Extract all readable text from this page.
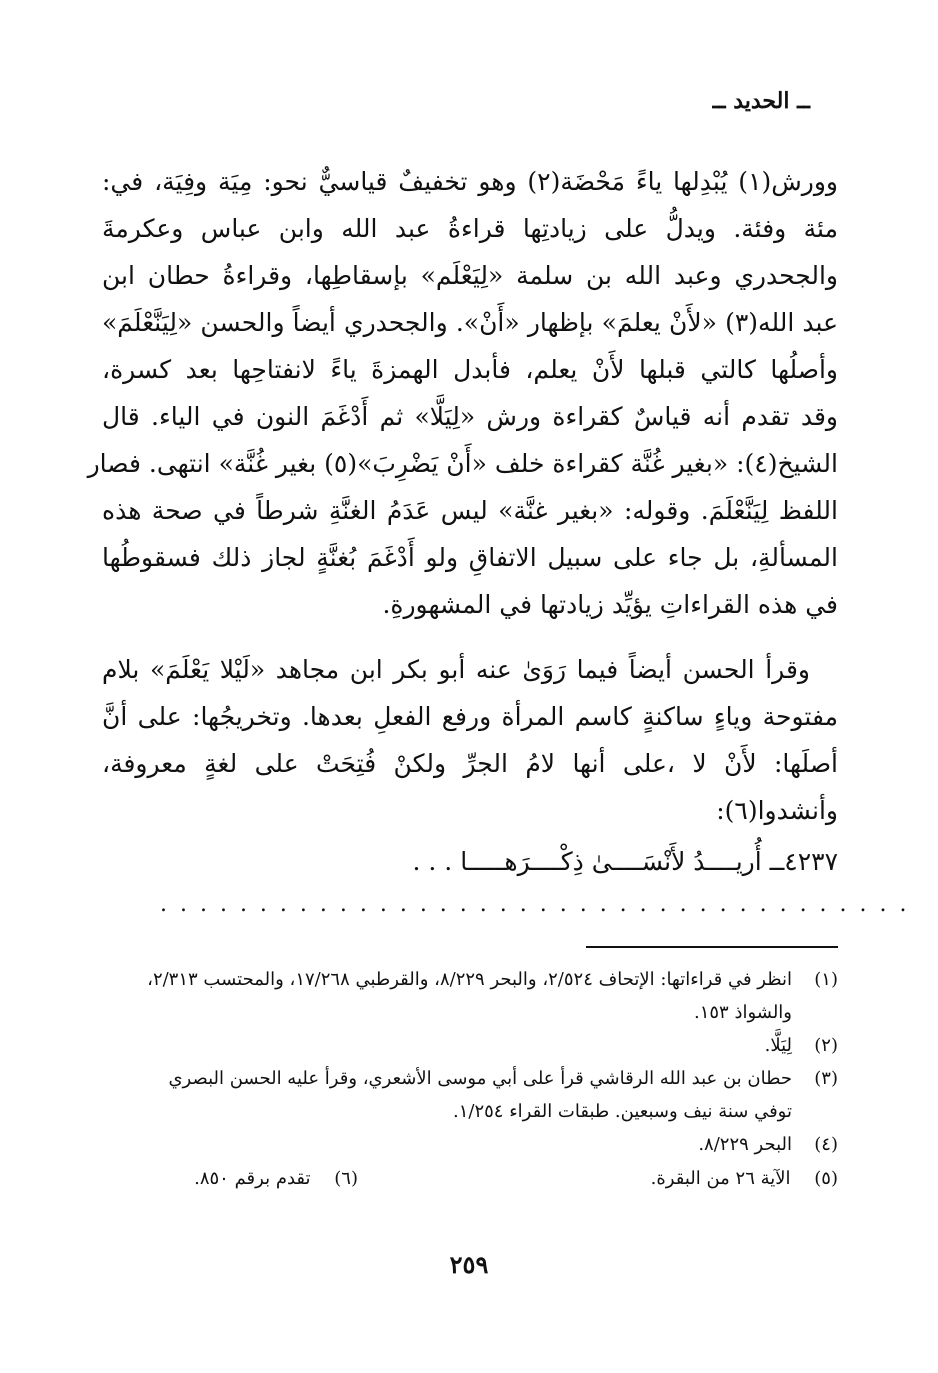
ــ الحديد ــ
وورش(١) يُبْدِلها ياءً مَحْضَة(٢) وهو تخفيفٌ قياسيٌّ نحو: مِيَة وفِيَة، في:
مئة وفئة. ويدلُّ على زيادتِها قراءةُ عبد الله وابن عباس وعكرمةَ
والجحدري وعبد الله بن سلمة «لِيَعْلَم» بإسقاطِها، وقراءةُ حطان ابن
عبد الله(٣) «لأَنْ يعلمَ» بإظهار «أَنْ». والجحدري أيضاً والحسن «لِيَنَّعْلَمَ»
وأصلُها كالتي قبلها لأَنْ يعلم، فأبدل الهمزةَ ياءً لانفتاحِها بعد كسرة،
وقد تقدم أنه قياسٌ كقراءة ورش «لِيَلَّا» ثم أَدْغَمَ النون في الياء. قال
الشيخ(٤): «بغير غُنَّة كقراءة خلف «أَنْ يَضْرِبَ»(٥) بغير غُنَّة» انتهى. فصار
اللفظ لِيَنَّعْلَمَ. وقوله: «بغير غنَّة» ليس عَدَمُ الغنَّةِ شرطاً في صحة هذه
المسألةِ، بل جاء على سبيل الاتفاقِ ولو أَدْغَمَ بُغنَّةٍ لجاز ذلك فسقوطُها
في هذه القراءاتِ يؤيِّد زيادتها في المشهورةِ.
وقرأ الحسن أيضاً فيما رَوَىٰ عنه أبو بكر ابن مجاهد «لَيْلا يَعْلَمَ» بلام
مفتوحة وياءٍ ساكنةٍ كاسم المرأة ورفع الفعلِ بعدها. وتخريجُها: على أنَّ
أصلَها: لأَنْ لا ،على أنها لامُ الجرِّ ولكنْ فُتِحَتْ على لغةٍ معروفة،
وأنشدوا(٦):
٤٢٣٧ــ أُريــــدُ لأَنْسَــــىٰ ذِكْــــرَهـــــا . . .
. . . . . . . . . . . . . . . . . . . . . . . . . . . . . . . . . . . . . .
(١)
انظر في قراءاتها: الإتحاف ٢/٥٢٤، والبحر ٨/٢٢٩، والقرطبي ١٧/٢٦٨، والمحتسب ٢/٣١٣، والشواذ ١٥٣.
(٢)
لِيَلَّا.
(٣)
حطان بن عبد الله الرقاشي قرأ على أبي موسى الأشعري، وقرأ عليه الحسن البصري توفي سنة نيف وسبعين. طبقات القراء ١/٢٥٤.
(٤)
البحر ٨/٢٢٩.
(٥) الآية ٢٦ من البقرة.
(٦) تقدم برقم ٨٥٠.
٢٥٩
